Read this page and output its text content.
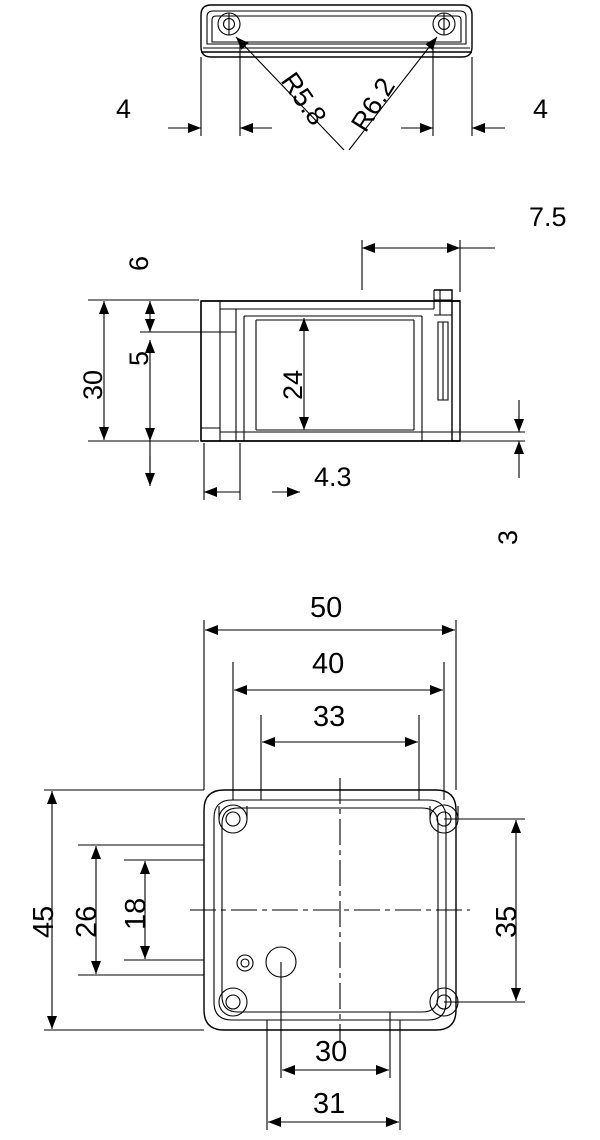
4	4
R5.8 R6.2
7.5
6
30
5
24
4.3
3
50
40
33
45 26 18	35
30
31
